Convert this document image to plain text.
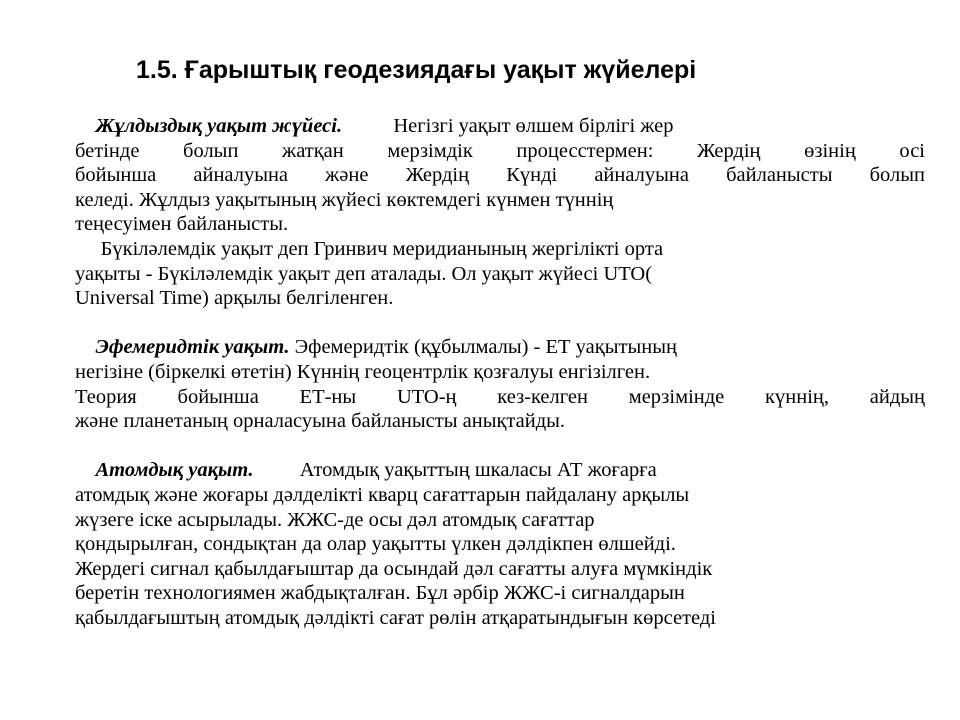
1.5. Ғарыштық геодезиядағы уақыт жүйелері
Жұлдыздық уақыт жүйесі.	Негізгі уақыт өлшем бірлігі жер
бетінде болып жатқан мерзімдік процесстермен: Жердің өзінің осі
бойынша айналуына және Жердің Күнді айналуына байланысты болып
келеді. Жұлдыз уақытының жүйесі көктемдегі күнмен түннің
теңесуімен байланысты.
Бүкіләлемдік уақыт деп Гринвич меридианының жергілікті орта
уақыты - Бүкіләлемдік уақыт деп аталады. Ол уақыт жүйесі UTO(
Universal Time) арқылы белгіленген.
Эфемеридтік уақыт. Эфемеридтік (құбылмалы) - ЕТ уақытының
негізіне (біркелкі өтетін) Күннің геоцентрлік қозғалуы енгізілген.
Теория бойынша ЕТ-ны UTO-ң кез-келген мерзімінде күннің, айдың
және планетаның орналасуына байланысты анықтайды.
Атомдық уақыт. Атомдық уақыттың шкаласы АТ жоғарға
атомдық және жоғары дәлделікті кварц сағаттарын пайдалану арқылы
жүзеге іске асырылады. ЖЖС-де осы дәл атомдық сағаттар
қондырылған, сондықтан да олар уақытты үлкен дәлдікпен өлшейді.
Жердегі сигнал қабылдағыштар да осындай дәл сағатты алуға мүмкіндік
беретін технологиямен жабдықталған. Бұл әрбір ЖЖС-і сигналдарын
қабылдағыштың атомдық дәлдікті сағат рөлін атқаратындығын көрсетеді
